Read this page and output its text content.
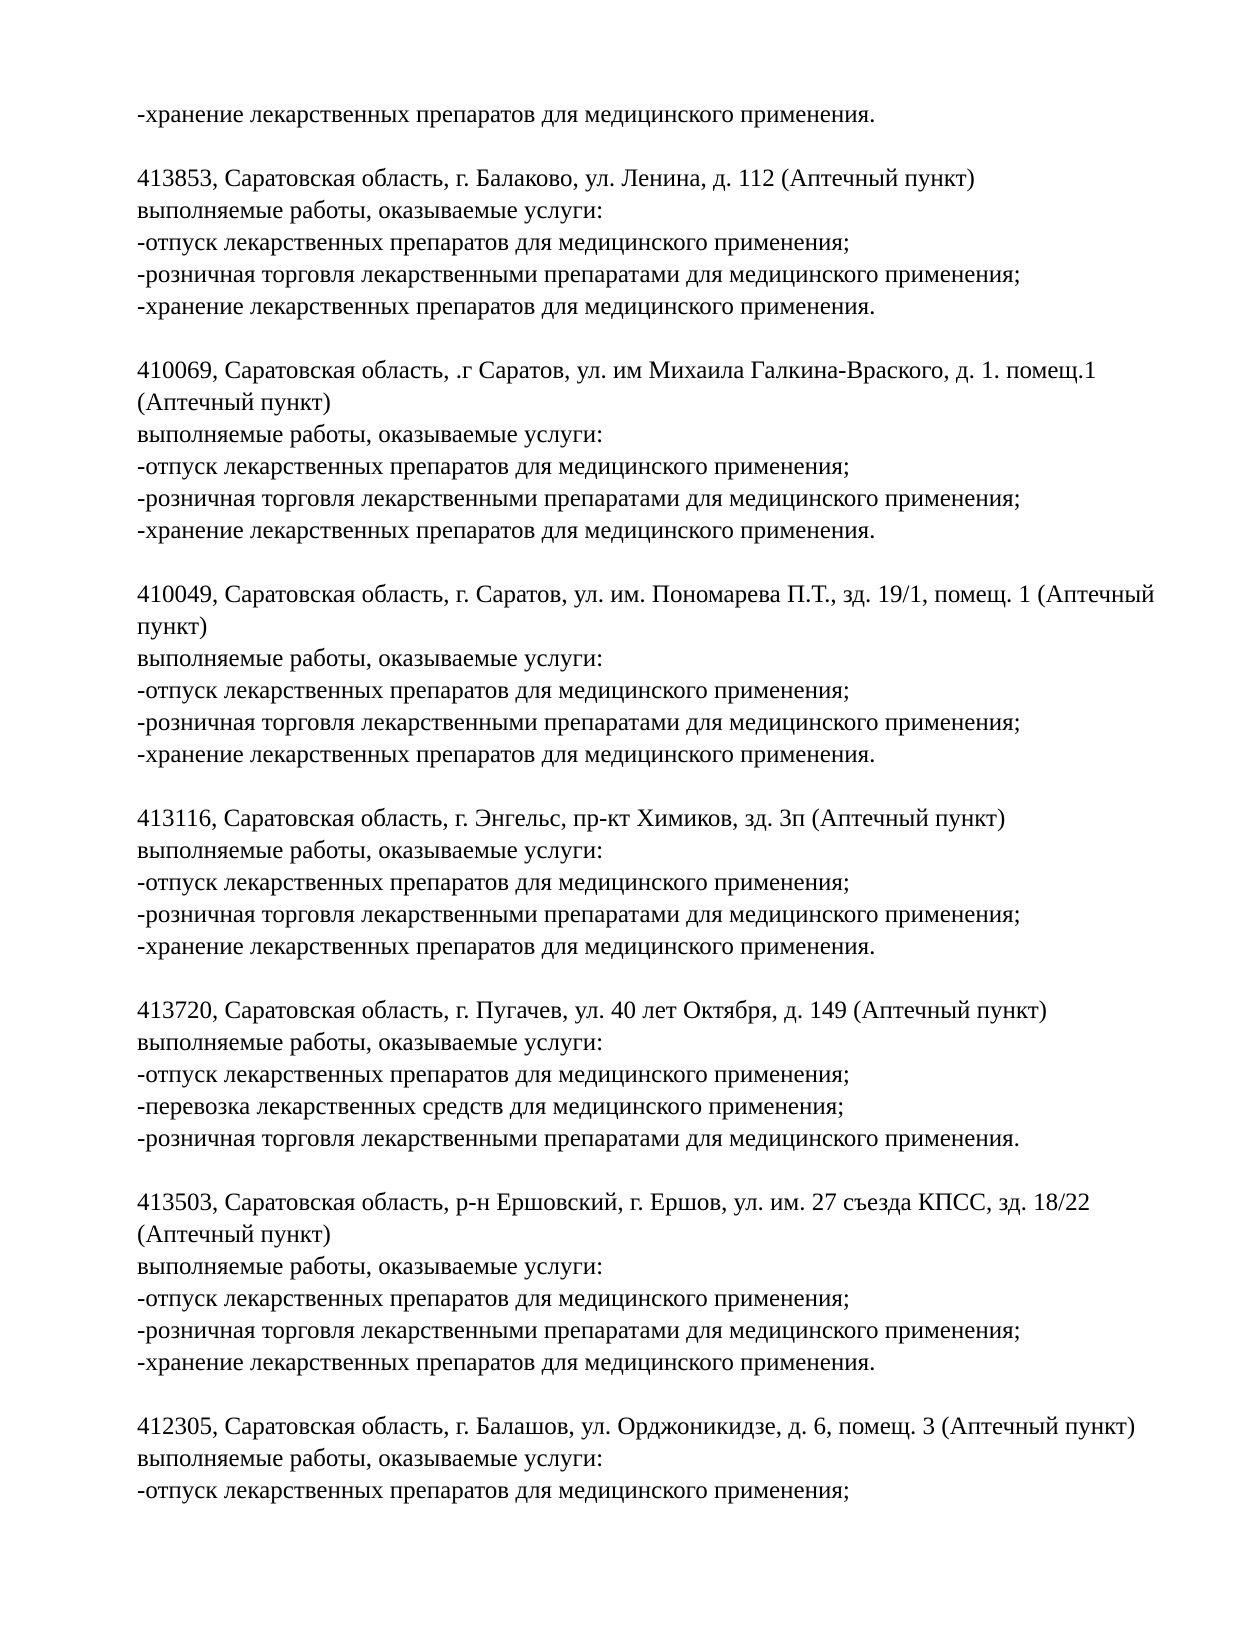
-хранение лекарственных препаратов для медицинского применения.

413853, Саратовская область, г. Балаково, ул. Ленина, д. 112 (Аптечный пункт)

выполняемые работы, оказываемые услуги:

-отпуск лекарственных препаратов для медицинского применения;

-розничная торговля лекарственными препаратами для медицинского применения;

-хранение лекарственных препаратов для медицинского применения.

410069, Саратовская область, .г Саратов, ул. им Михаила Галкина-Враского, д. 1. помещ.1 (Аптечный пункт)

выполняемые работы, оказываемые услуги:

-отпуск лекарственных препаратов для медицинского применения;

-розничная торговля лекарственными препаратами для медицинского применения;

-хранение лекарственных препаратов для медицинского применения.

410049, Саратовская область, г. Саратов, ул. им. Пономарева П.Т., зд. 19/1, помещ. 1 (Аптечный пункт)

выполняемые работы, оказываемые услуги:

-отпуск лекарственных препаратов для медицинского применения;

-розничная торговля лекарственными препаратами для медицинского применения;

-хранение лекарственных препаратов для медицинского применения.

413116, Саратовская область, г. Энгельс, пр-кт Химиков, зд. 3п (Аптечный пункт)

выполняемые работы, оказываемые услуги:

-отпуск лекарственных препаратов для медицинского применения;

-розничная торговля лекарственными препаратами для медицинского применения;

-хранение лекарственных препаратов для медицинского применения.

413720, Саратовская область, г. Пугачев, ул. 40 лет Октября, д. 149 (Аптечный пункт)

выполняемые работы, оказываемые услуги:

-отпуск лекарственных препаратов для медицинского применения;

-перевозка лекарственных средств для медицинского применения;

-розничная торговля лекарственными препаратами для медицинского применения.

413503, Саратовская область, р-н Ершовский, г. Ершов, ул. им. 27 съезда КПСС, зд. 18/22 (Аптечный пункт)

выполняемые работы, оказываемые услуги:

-отпуск лекарственных препаратов для медицинского применения;

-розничная торговля лекарственными препаратами для медицинского применения;

-хранение лекарственных препаратов для медицинского применения.

412305, Саратовская область, г. Балашов, ул. Орджоникидзе, д. 6, помещ. 3 (Аптечный пункт)

выполняемые работы, оказываемые услуги:

-отпуск лекарственных препаратов для медицинского применения;
